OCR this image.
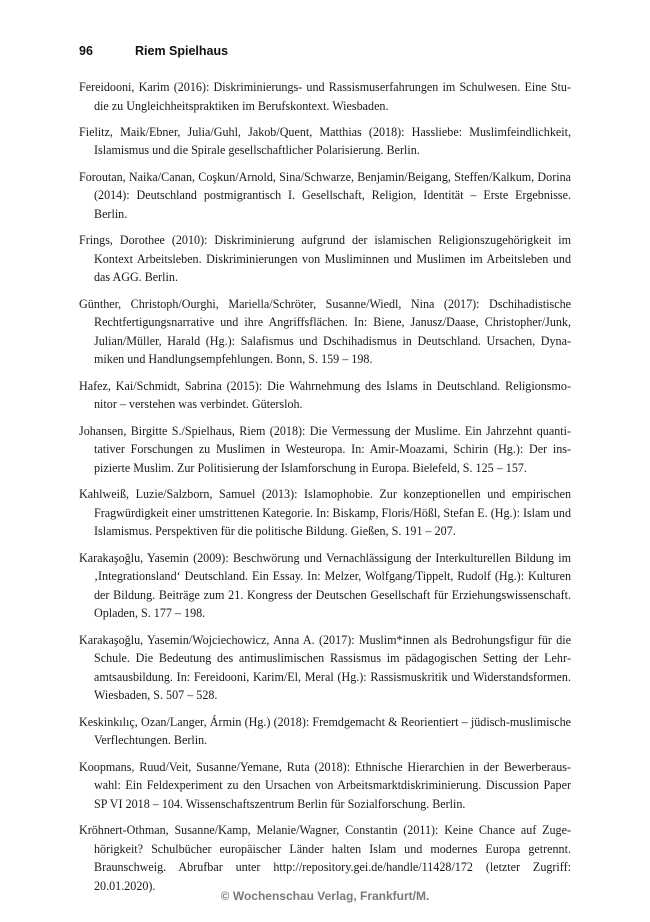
96	Riem Spielhaus

Fereidooni, Karim (2016): Diskriminierungs- und Rassismuserfahrungen im Schulwesen. Eine Studie zu Ungleichheitspraktiken im Berufskontext. Wiesbaden.

Fielitz, Maik/Ebner, Julia/Guhl, Jakob/Quent, Matthias (2018): Hassliebe: Muslimfeindlichkeit, Islamismus und die Spirale gesellschaftlicher Polarisierung. Berlin.

Foroutan, Naika/Canan, Coşkun/Arnold, Sina/Schwarze, Benjamin/Beigang, Steffen/Kalkum, Dorina (2014): Deutschland postmigrantisch I. Gesellschaft, Religion, Identität – Erste Ergebnisse. Berlin.

Frings, Dorothee (2010): Diskriminierung aufgrund der islamischen Religionszugehörigkeit im Kontext Arbeitsleben. Diskriminierungen von Musliminnen und Muslimen im Arbeitsleben und das AGG. Berlin.

Günther, Christoph/Ourghi, Mariella/Schröter, Susanne/Wiedl, Nina (2017): Dschihadistische Rechtfertigungsnarrative und ihre Angriffsflächen. In: Biene, Janusz/Daase, Christopher/Junk, Julian/Müller, Harald (Hg.): Salafismus und Dschihadismus in Deutschland. Ursachen, Dynamiken und Handlungsempfehlungen. Bonn, S. 159 – 198.

Hafez, Kai/Schmidt, Sabrina (2015): Die Wahrnehmung des Islams in Deutschland. Religionsmonitor – verstehen was verbindet. Gütersloh.

Johansen, Birgitte S./Spielhaus, Riem (2018): Die Vermessung der Muslime. Ein Jahrzehnt quantitativer Forschungen zu Muslimen in Westeuropa. In: Amir-Moazami, Schirin (Hg.): Der inspizierte Muslim. Zur Politisierung der Islamforschung in Europa. Bielefeld, S. 125 – 157.

Kahlweiß, Luzie/Salzborn, Samuel (2013): Islamophobie. Zur konzeptionellen und empirischen Fragwürdigkeit einer umstrittenen Kategorie. In: Biskamp, Floris/Hößl, Stefan E. (Hg.): Islam und Islamismus. Perspektiven für die politische Bildung. Gießen, S. 191 – 207.

Karakaşoğlu, Yasemin (2009): Beschwörung und Vernachlässigung der Interkulturellen Bildung im ‚Integrationsland‘ Deutschland. Ein Essay. In: Melzer, Wolfgang/Tippelt, Rudolf (Hg.): Kulturen der Bildung. Beiträge zum 21. Kongress der Deutschen Gesellschaft für Erziehungswissenschaft. Opladen, S. 177 – 198.

Karakaşoğlu, Yasemin/Wojciechowicz, Anna A. (2017): Muslim*innen als Bedrohungsfigur für die Schule. Die Bedeutung des antimuslimischen Rassismus im pädagogischen Setting der Lehramtsausbildung. In: Fereidooni, Karim/El, Meral (Hg.): Rassismuskritik und Widerstandsformen. Wiesbaden, S. 507 – 528.

Keskinkılıç, Ozan/Langer, Ármin (Hg.) (2018): Fremdgemacht & Reorientiert – jüdisch-muslimische Verflechtungen. Berlin.

Koopmans, Ruud/Veit, Susanne/Yemane, Ruta (2018): Ethnische Hierarchien in der Bewerberauswahl: Ein Feldexperiment zu den Ursachen von Arbeitsmarktdiskriminierung. Discussion Paper SP VI 2018 – 104. Wissenschaftszentrum Berlin für Sozialforschung. Berlin.

Kröhnert-Othman, Susanne/Kamp, Melanie/Wagner, Constantin (2011): Keine Chance auf Zugehörigkeit? Schulbücher europäischer Länder halten Islam und modernes Europa getrennt. Braunschweig. Abrufbar unter http://repository.gei.de/handle/11428/172 (letzter Zugriff: 20.01.2020).

© Wochenschau Verlag, Frankfurt/M.
